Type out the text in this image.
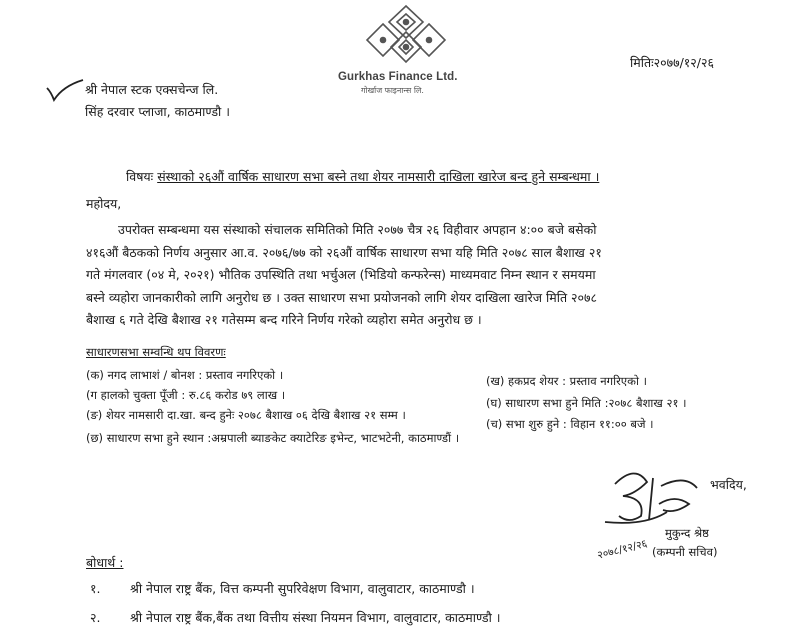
Gurkhas Finance Ltd.
गोर्खाज फाइनान्स लि.
मितिः२०७७/१२/२६
श्री नेपाल स्टक एक्सचेन्ज लि.
सिंह दरवार प्लाजा, काठमाण्डौ ।
विषयः संस्थाको २६औं वार्षिक साधारण सभा बस्ने तथा शेयर नामसारी दाखिला खारेज बन्द हुने सम्बन्धमा ।
महोदय,
उपरोक्त सम्बन्धमा यस संस्थाको संचालक समितिको मिति २०७७ चैत्र २६ विहीवार अपहान ४:०० बजे बसेको
४१६औं बैठकको निर्णय अनुसार आ.व. २०७६/७७ को २६औं वार्षिक साधारण सभा यहि मिति २०७८ साल बैशाख २१
गते मंगलवार (०४ मे, २०२१) भौतिक उपस्थिति तथा भर्चुअल (भिडियो कन्फरेन्स) माध्यमवाट निम्न स्थान र समयमा
बस्ने व्यहोरा जानकारीको लागि अनुरोध छ । उक्त साधारण सभा प्रयोजनको लागि शेयर दाखिला खारेज मिति २०७८
बैशाख ६ गते देखि बैशाख २१ गतेसम्म बन्द गरिने निर्णय गरेको व्यहोरा समेत अनुरोध छ ।
साधारणसभा सम्वन्धि थप विवरणः
(क) नगद लाभाशं / बोनश : प्रस्ताव नगरिएको ।	(ख) हकप्रद शेयर : प्रस्ताव नगरिएको ।
(ग हालको चुक्ता पूँजी : रु.८६ करोड ७९ लाख ।
(घ) साधारण सभा हुने मिति :२०७८ बैशाख २१ ।
(ङ) शेयर नामसारी दा.खा. बन्द हुनेः २०७८ बैशाख ०६ देखि बैशाख २१ सम्म ।
(च) सभा शुरु हुने : विहान ११:०० बजे ।
(छ) साधारण सभा हुने स्थान :अम्रपाली ब्याङकेट क्याटेरिङ इभेन्ट, भाटभटेनी, काठमाण्डौं ।
भवदिय,
मुकुन्द श्रेष्ठ
(कम्पनी सचिव)
२०७८/१२/२६
बोधार्थ :
१. श्री नेपाल राष्ट्र बैंक, वित्त कम्पनी सुपरिवेक्षण विभाग, वालुवाटार, काठमाण्डौ ।
२. श्री नेपाल राष्ट्र बैंक,बैंक तथा वित्तीय संस्था नियमन विभाग, वालुवाटार, काठमाण्डौ ।
